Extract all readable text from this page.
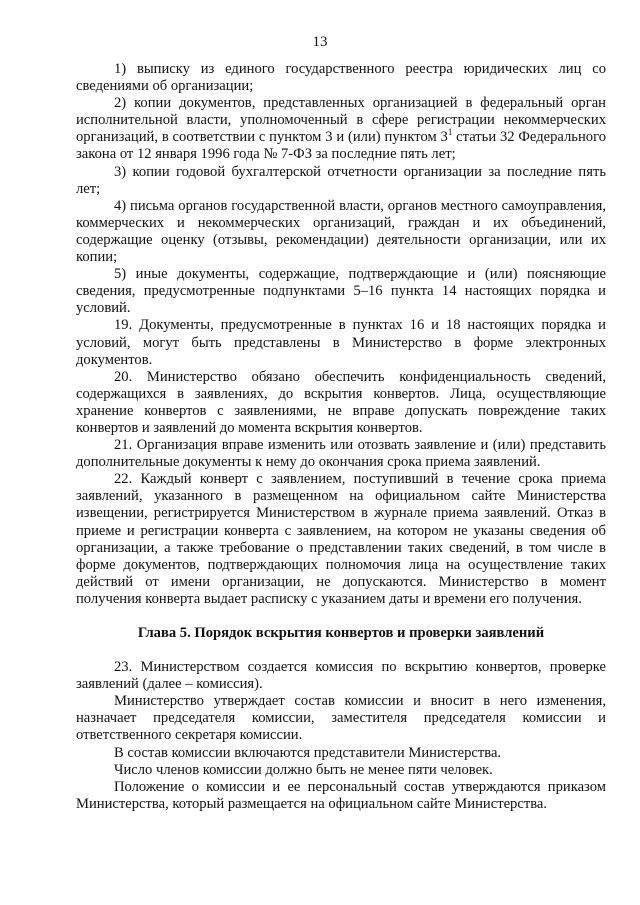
13

1) выписку из единого государственного реестра юридических лиц со сведениями об организации;

2) копии документов, представленных организацией в федеральный орган исполнительной власти, уполномоченный в сфере регистрации некоммерческих организаций, в соответствии с пунктом 3 и (или) пунктом $3^1$ статьи 32 Федерального закона от 12 января 1996 года № 7-ФЗ за последние пять лет;

3) копии годовой бухгалтерской отчетности организации за последние пять лет;

4) письма органов государственной власти, органов местного самоуправления, коммерческих и некоммерческих организаций, граждан и их объединений, содержащие оценку (отзывы, рекомендации) деятельности организации, или их копии;

5) иные документы, содержащие, подтверждающие и (или) поясняющие сведения, предусмотренные подпунктами 5–16 пункта 14 настоящих порядка и условий.

19. Документы, предусмотренные в пунктах 16 и 18 настоящих порядка и условий, могут быть представлены в Министерство в форме электронных документов.

20. Министерство обязано обеспечить конфиденциальность сведений, содержащихся в заявлениях, до вскрытия конвертов. Лица, осуществляющие хранение конвертов с заявлениями, не вправе допускать повреждение таких конвертов и заявлений до момента вскрытия конвертов.

21. Организация вправе изменить или отозвать заявление и (или) представить дополнительные документы к нему до окончания срока приема заявлений.

22. Каждый конверт с заявлением, поступивший в течение срока приема заявлений, указанного в размещенном на официальном сайте Министерства извещении, регистрируется Министерством в журнале приема заявлений. Отказ в приеме и регистрации конверта с заявлением, на котором не указаны сведения об организации, а также требование о представлении таких сведений, в том числе в форме документов, подтверждающих полномочия лица на осуществление таких действий от имени организации, не допускаются. Министерство в момент получения конверта выдает расписку с указанием даты и времени его получения.

Глава 5. Порядок вскрытия конвертов и проверки заявлений

23. Министерством создается комиссия по вскрытию конвертов, проверке заявлений (далее – комиссия).

Министерство утверждает состав комиссии и вносит в него изменения, назначает председателя комиссии, заместителя председателя комиссии и ответственного секретаря комиссии.

В состав комиссии включаются представители Министерства.

Число членов комиссии должно быть не менее пяти человек.

Положение о комиссии и ее персональный состав утверждаются приказом Министерства, который размещается на официальном сайте Министерства.
